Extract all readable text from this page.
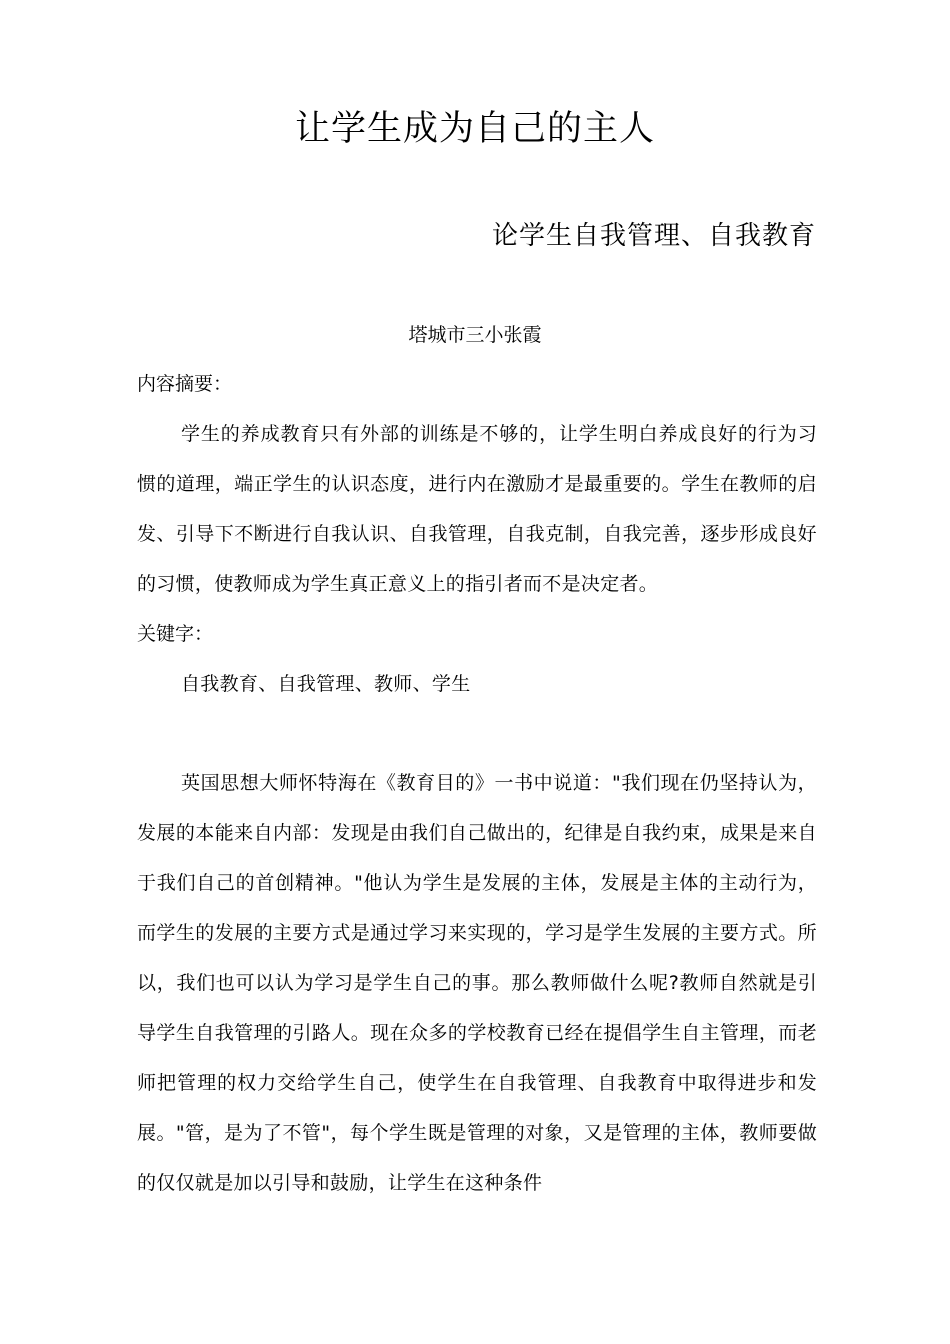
让学生成为自己的主人
论学生自我管理、自我教育
塔城市三小张霞
内容摘要：
学生的养成教育只有外部的训练是不够的，让学生明白养成良好的行为习惯的道理，端正学生的认识态度，进行内在激励才是最重要的。学生在教师的启发、引导下不断进行自我认识、自我管理，自我克制，自我完善，逐步形成良好的习惯，使教师成为学生真正意义上的指引者而不是决定者。
关键字：
自我教育、自我管理、教师、学生
英国思想大师怀特海在《教育目的》一书中说道："我们现在仍坚持认为，发展的本能来自内部：发现是由我们自己做出的，纪律是自我约束，成果是来自于我们自己的首创精神。"他认为学生是发展的主体，发展是主体的主动行为，而学生的发展的主要方式是通过学习来实现的，学习是学生发展的主要方式。所以，我们也可以认为学习是学生自己的事。那么教师做什么呢?教师自然就是引导学生自我管理的引路人。现在众多的学校教育已经在提倡学生自主管理，而老师把管理的权力交给学生自己，使学生在自我管理、自我教育中取得进步和发展。"管，是为了不管"，每个学生既是管理的对象，又是管理的主体，教师要做的仅仅就是加以引导和鼓励，让学生在这种条件
